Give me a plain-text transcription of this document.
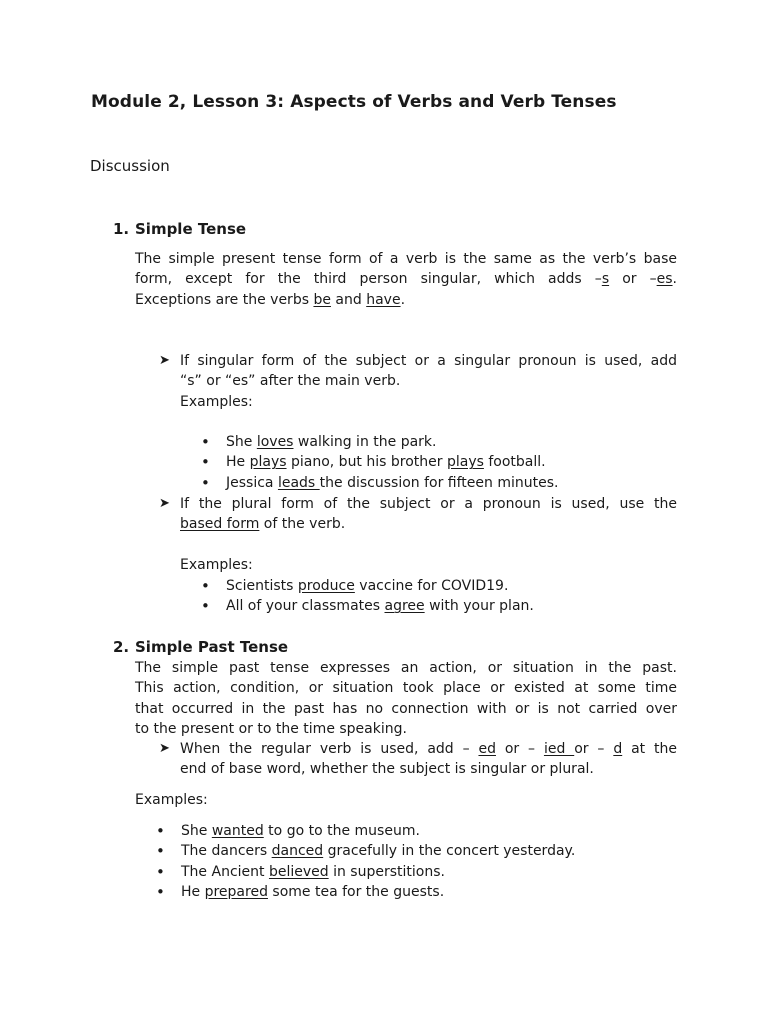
Module 2, Lesson 3: Aspects of Verbs and Verb Tenses
Discussion
1. Simple Tense
The simple present tense form of a verb is the same as the verb’s base
form, except for the third person singular, which adds –s or –es.
Exceptions are the verbs be and have.
➤ If singular form of the subject or a singular pronoun is used, add
“s” or “es” after the main verb.
Examples:
• She loves walking in the park.
• He plays piano, but his brother plays football.
• Jessica leads the discussion for fifteen minutes.
➤ If the plural form of the subject or a pronoun is used, use the
based form of the verb.
Examples:
• Scientists produce vaccine for COVID19.
• All of your classmates agree with your plan.
2. Simple Past Tense
The simple past tense expresses an action, or situation in the past.
This action, condition, or situation took place or existed at some time
that occurred in the past has no connection with or is not carried over
to the present or to the time speaking.
➤ When the regular verb is used, add – ed or – ied or – d at the
end of base word, whether the subject is singular or plural.
Examples:
• She wanted to go to the museum.
• The dancers danced gracefully in the concert yesterday.
• The Ancient believed in superstitions.
• He prepared some tea for the guests.
